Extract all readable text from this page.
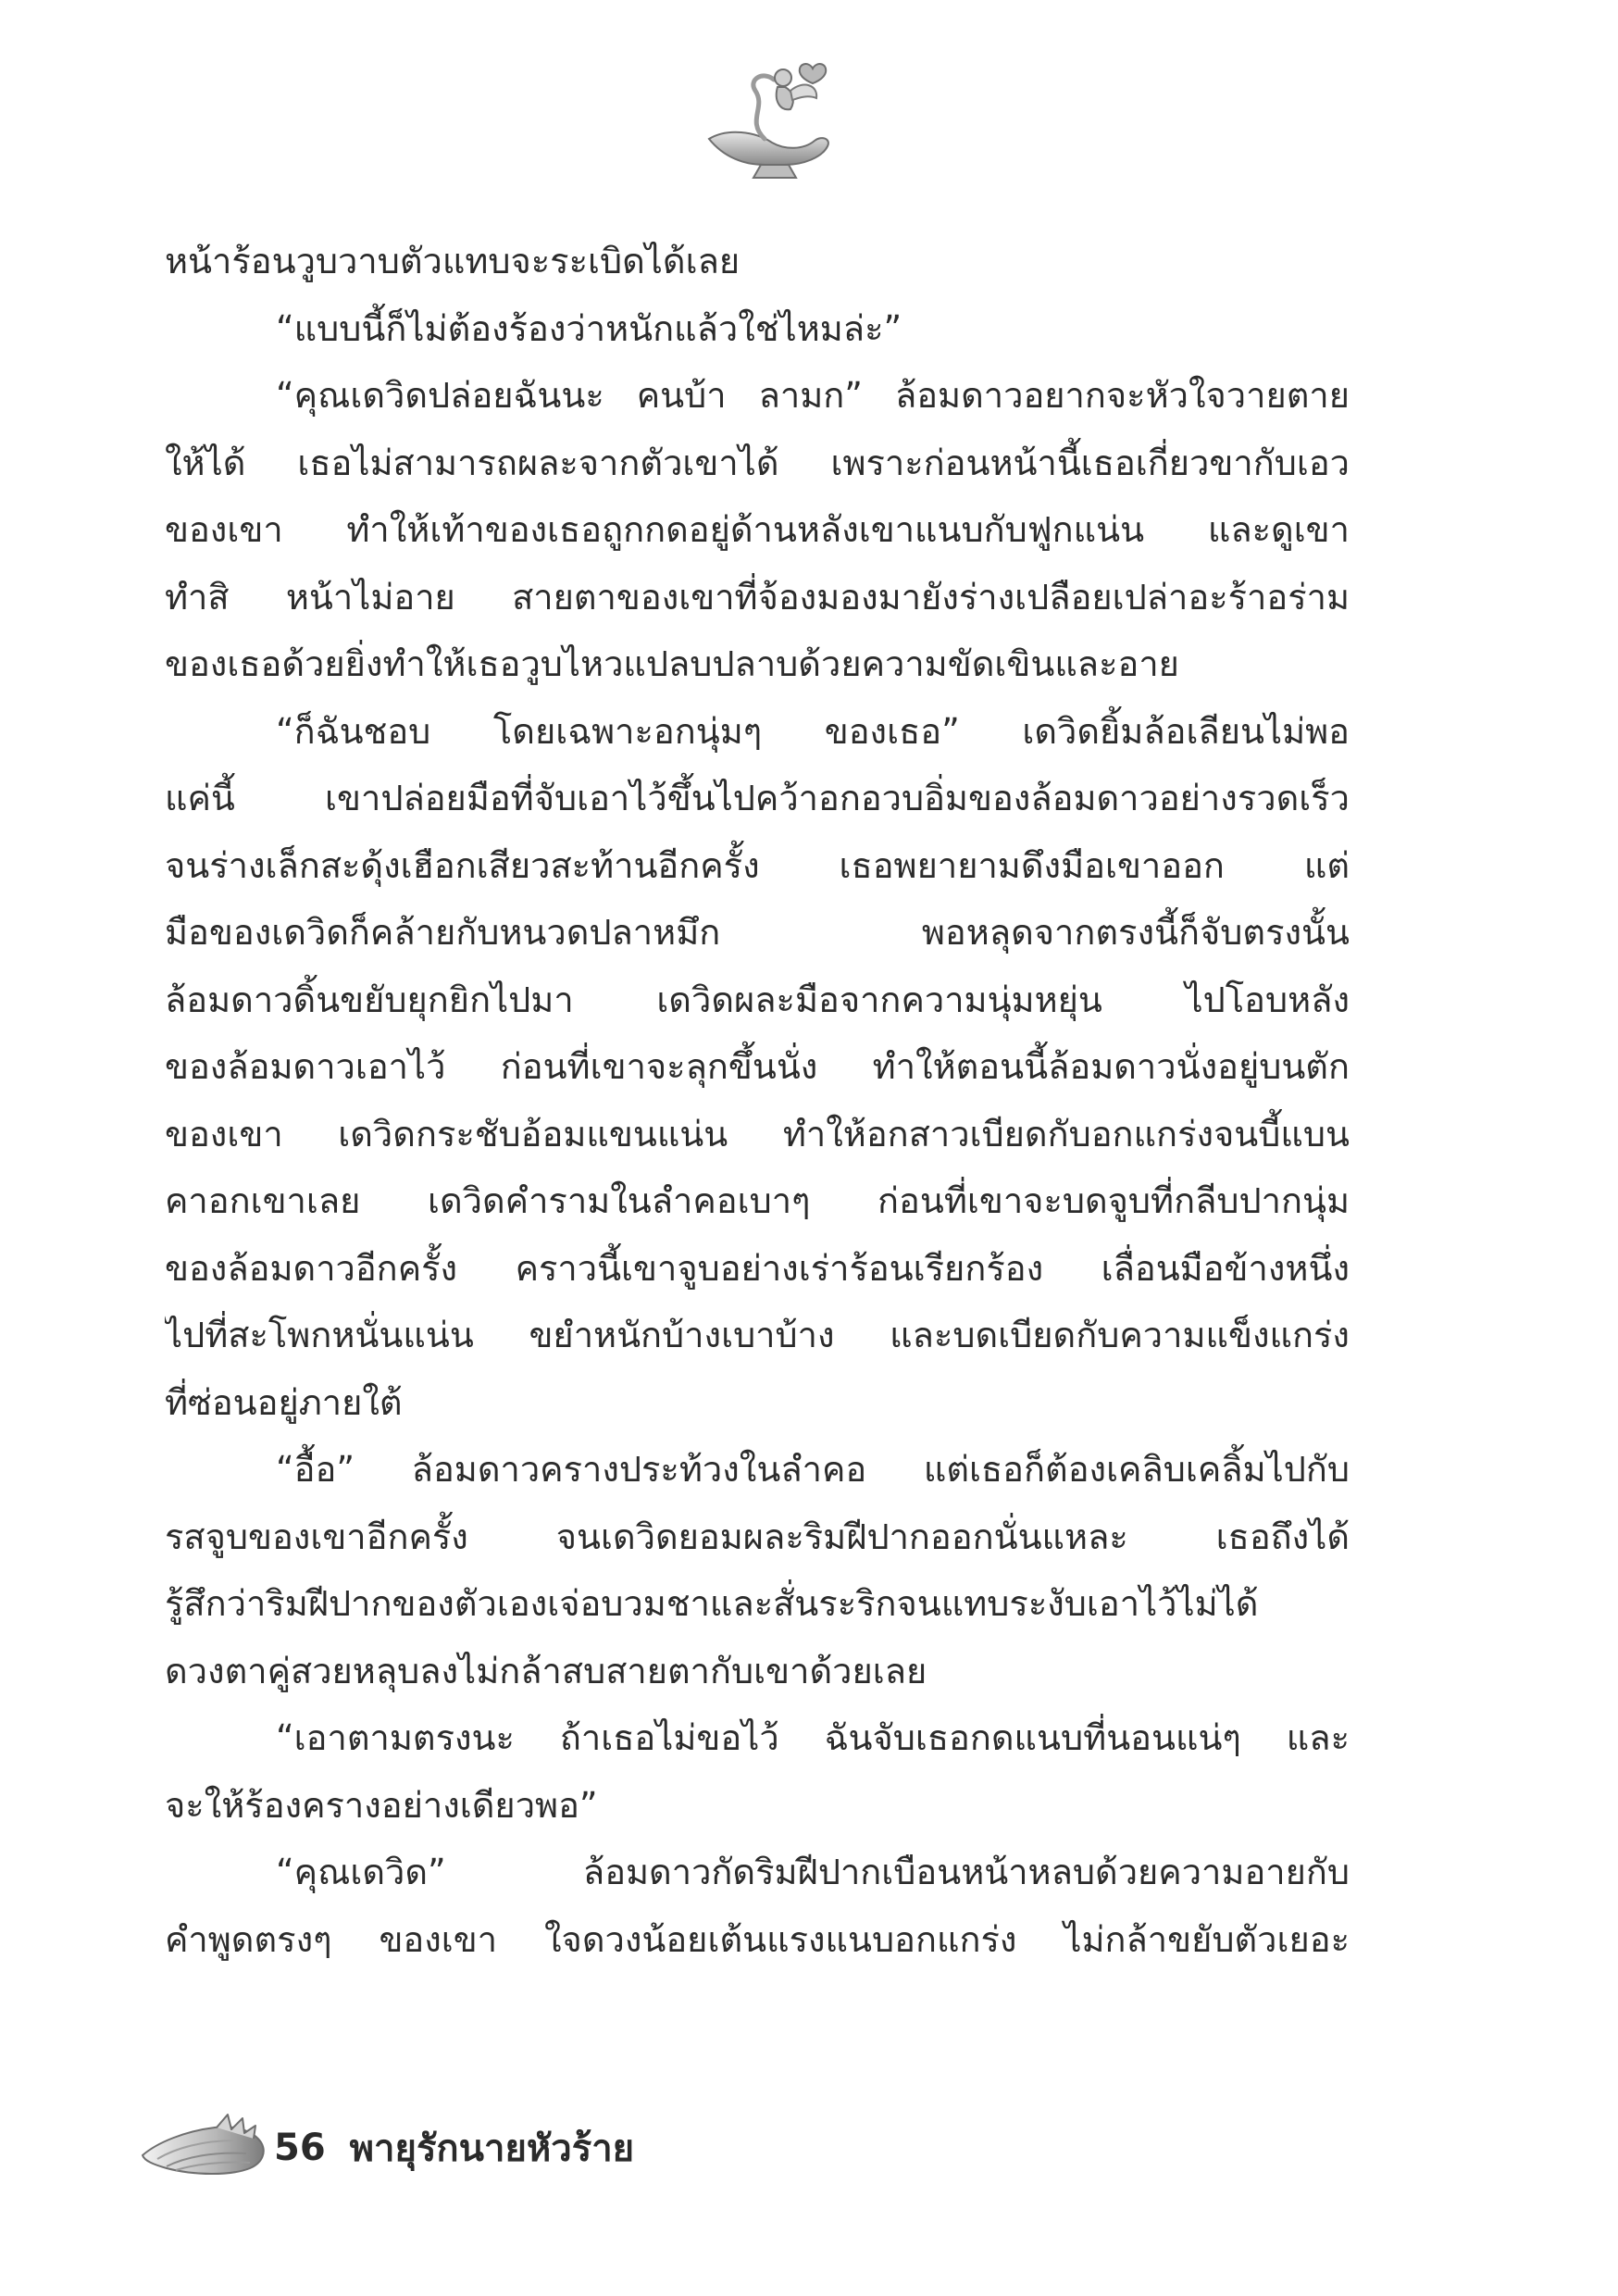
หน้าร้อนวูบวาบตัวแทบจะระเบิดได้เลย
“แบบนี้ก็ไม่ต้องร้องว่าหนักแล้วใช่ไหมล่ะ”
“คุณเดวิดปล่อยฉันนะ คนบ้า ลามก” ล้อมดาวอยากจะหัวใจวายตาย
ให้ได้ เธอไม่สามารถผละจากตัวเขาได้ เพราะก่อนหน้านี้เธอเกี่ยวขากับเอว
ของเขา ทำให้เท้าของเธอถูกกดอยู่ด้านหลังเขาแนบกับฟูกแน่น และดูเขา
ทำสิ หน้าไม่อาย สายตาของเขาที่จ้องมองมายังร่างเปลือยเปล่าอะร้าอร่าม
ของเธอด้วยยิ่งทำให้เธอวูบไหวแปลบปลาบด้วยความขัดเขินและอาย
“ก็ฉันชอบ โดยเฉพาะอกนุ่มๆ ของเธอ” เดวิดยิ้มล้อเลียนไม่พอ
แค่นี้ เขาปล่อยมือที่จับเอาไว้ขึ้นไปคว้าอกอวบอิ่มของล้อมดาวอย่างรวดเร็ว
จนร่างเล็กสะดุ้งเฮือกเสียวสะท้านอีกครั้ง เธอพยายามดึงมือเขาออก แต่
มือของเดวิดก็คล้ายกับหนวดปลาหมึก พอหลุดจากตรงนี้ก็จับตรงนั้น
ล้อมดาวดิ้นขยับยุกยิกไปมา เดวิดผละมือจากความนุ่มหยุ่น ไปโอบหลัง
ของล้อมดาวเอาไว้ ก่อนที่เขาจะลุกขึ้นนั่ง ทำให้ตอนนี้ล้อมดาวนั่งอยู่บนตัก
ของเขา เดวิดกระชับอ้อมแขนแน่น ทำให้อกสาวเบียดกับอกแกร่งจนบี้แบน
คาอกเขาเลย เดวิดคำรามในลำคอเบาๆ ก่อนที่เขาจะบดจูบที่กลีบปากนุ่ม
ของล้อมดาวอีกครั้ง คราวนี้เขาจูบอย่างเร่าร้อนเรียกร้อง เลื่อนมือข้างหนึ่ง
ไปที่สะโพกหนั่นแน่น ขยำหนักบ้างเบาบ้าง และบดเบียดกับความแข็งแกร่ง
ที่ซ่อนอยู่ภายใต้
“อื้อ” ล้อมดาวครางประท้วงในลำคอ แต่เธอก็ต้องเคลิบเคลิ้มไปกับ
รสจูบของเขาอีกครั้ง จนเดวิดยอมผละริมฝีปากออกนั่นแหละ เธอถึงได้
รู้สึกว่าริมฝีปากของตัวเองเจ่อบวมชาและสั่นระริกจนแทบระงับเอาไว้ไม่ได้
ดวงตาคู่สวยหลุบลงไม่กล้าสบสายตากับเขาด้วยเลย
“เอาตามตรงนะ ถ้าเธอไม่ขอไว้ ฉันจับเธอกดแนบที่นอนแน่ๆ และ
จะให้ร้องครางอย่างเดียวพอ”
“คุณเดวิด” ล้อมดาวกัดริมฝีปากเบือนหน้าหลบด้วยความอายกับ
คำพูดตรงๆ ของเขา ใจดวงน้อยเต้นแรงแนบอกแกร่ง ไม่กล้าขยับตัวเยอะ
56 พายุรักนายหัวร้าย
